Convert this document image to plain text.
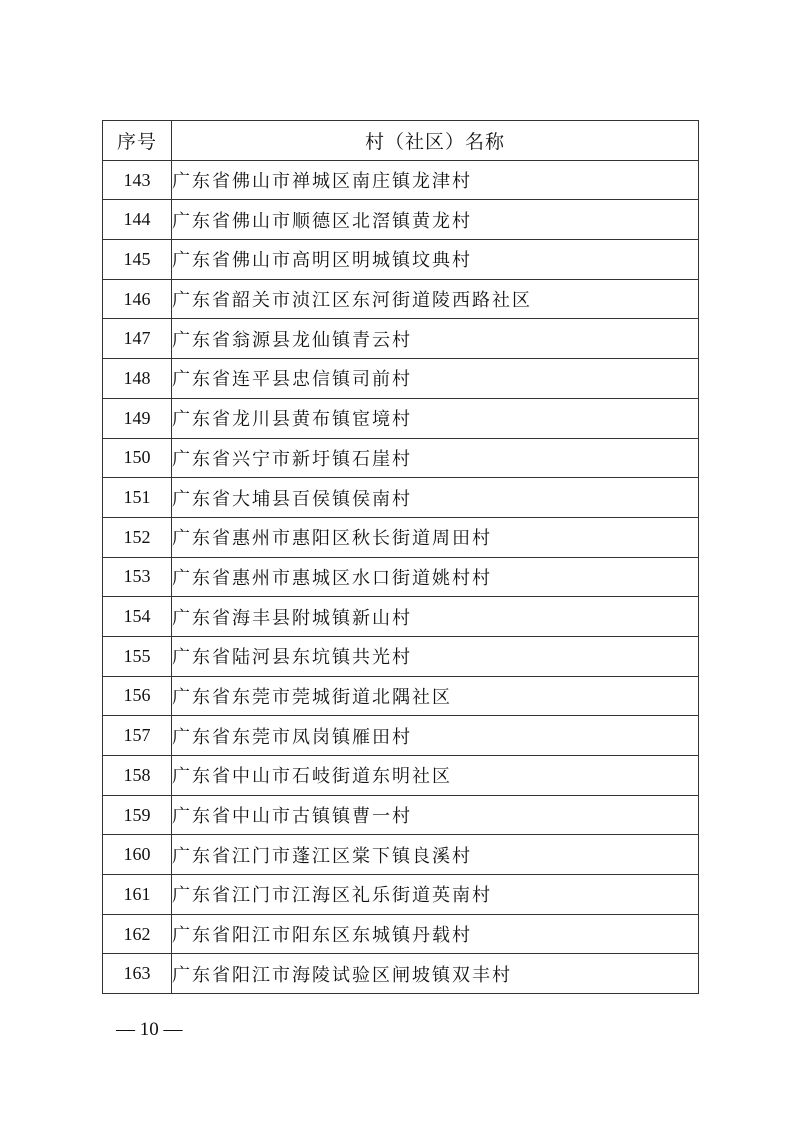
序号	村（社区）名称
143	广东省佛山市禅城区南庄镇龙津村
144	广东省佛山市顺德区北滘镇黄龙村
145	广东省佛山市高明区明城镇坟典村
146	广东省韶关市浈江区东河街道陵西路社区
147	广东省翁源县龙仙镇青云村
148	广东省连平县忠信镇司前村
149	广东省龙川县黄布镇宦境村
150	广东省兴宁市新圩镇石崖村
151	广东省大埔县百侯镇侯南村
152	广东省惠州市惠阳区秋长街道周田村
153	广东省惠州市惠城区水口街道姚村村
154	广东省海丰县附城镇新山村
155	广东省陆河县东坑镇共光村
156	广东省东莞市莞城街道北隅社区
157	广东省东莞市凤岗镇雁田村
158	广东省中山市石岐街道东明社区
159	广东省中山市古镇镇曹一村
160	广东省江门市蓬江区棠下镇良溪村
161	广东省江门市江海区礼乐街道英南村
162	广东省阳江市阳东区东城镇丹载村
163	广东省阳江市海陵试验区闸坡镇双丰村
— 10 —
